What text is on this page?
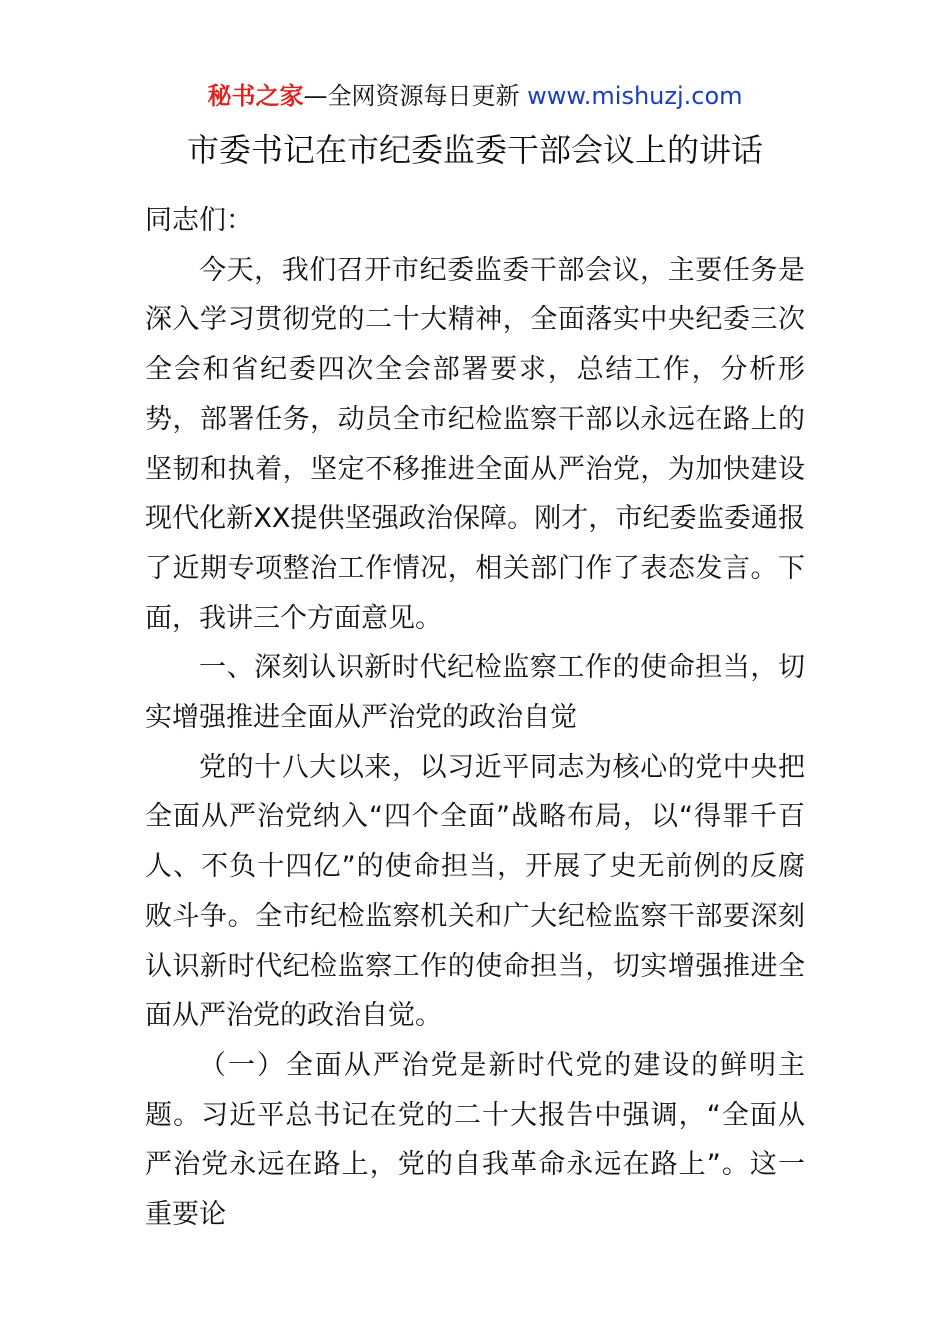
秘书之家—全网资源每日更新 www.mishuzj.com
市委书记在市纪委监委干部会议上的讲话

同志们：

今天，我们召开市纪委监委干部会议，主要任务是深入学习贯彻党的二十大精神，全面落实中央纪委三次全会和省纪委四次全会部署要求，总结工作，分析形势，部署任务，动员全市纪检监察干部以永远在路上的坚韧和执着，坚定不移推进全面从严治党，为加快建设现代化新XX提供坚强政治保障。刚才，市纪委监委通报了近期专项整治工作情况，相关部门作了表态发言。下面，我讲三个方面意见。

一、深刻认识新时代纪检监察工作的使命担当，切实增强推进全面从严治党的政治自觉

党的十八大以来，以习近平同志为核心的党中央把全面从严治党纳入“四个全面”战略布局，以“得罪千百人、不负十四亿”的使命担当，开展了史无前例的反腐败斗争。全市纪检监察机关和广大纪检监察干部要深刻认识新时代纪检监察工作的使命担当，切实增强推进全面从严治党的政治自觉。

（一）全面从严治党是新时代党的建设的鲜明主题。习近平总书记在党的二十大报告中强调，“全面从严治党永远在路上，党的自我革命永远在路上”。这一重要论
